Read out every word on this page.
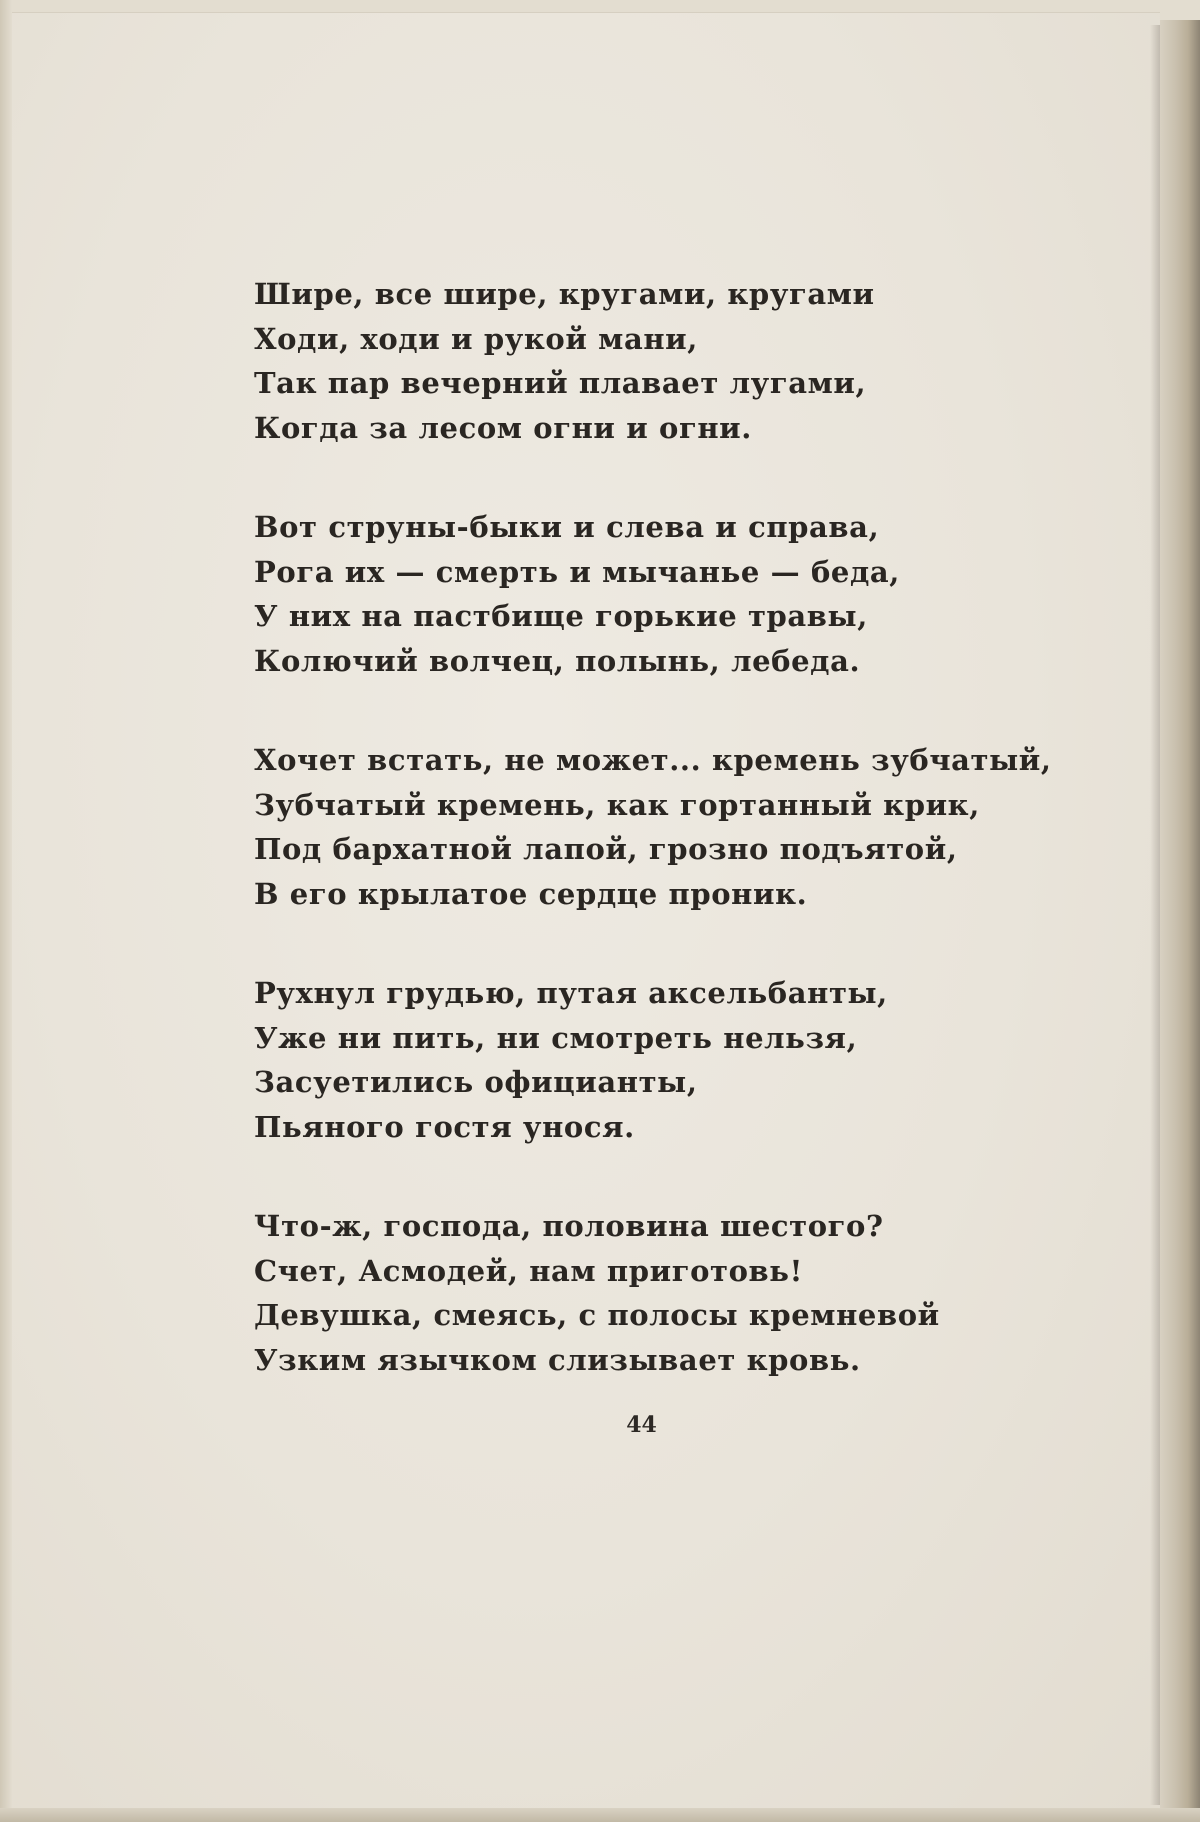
Шире, все шире, кругами, кругами
Ходи, ходи и рукой мани,
Так пар вечерний плавает лугами,
Когда за лесом огни и огни.
Вот струны-быки и слева и справа,
Рога их — смерть и мычанье — беда,
У них на пастбище горькие травы,
Колючий волчец, полынь, лебеда.
Хочет встать, не может... кремень зубчатый,
Зубчатый кремень, как гортанный крик,
Под бархатной лапой, грозно подъятой,
В его крылатое сердце проник.
Рухнул грудью, путая аксельбанты,
Уже ни пить, ни смотреть нельзя,
Засуетились официанты,
Пьяного гостя унося.
Что-ж, господа, половина шестого?
Счет, Асмодей, нам приготовь!
Девушка, смеясь, с полосы кремневой
Узким язычком слизывает кровь.
44
